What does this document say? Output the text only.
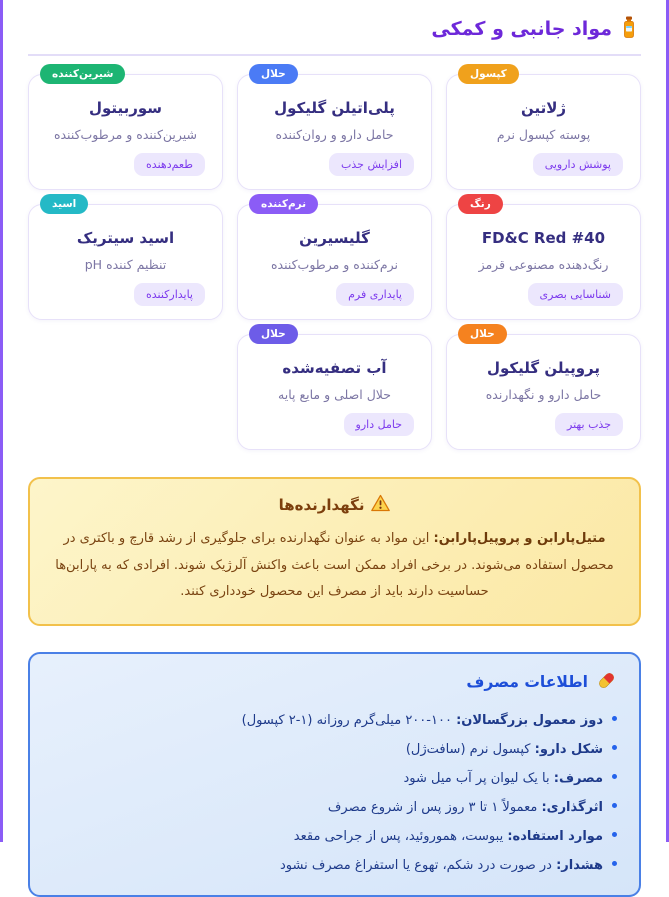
مواد جانبی و کمکی
کپسول
ژلاتین
پوسته کپسول نرم
پوشش دارویی
حلال
پلی‌اتیلن گلیکول
حامل دارو و روان‌کننده
افزایش جذب
شیرین‌کننده
سوربیتول
شیرین‌کننده و مرطوب‌کننده
طعم‌دهنده
رنگ
FD&C Red #40
رنگ‌دهنده مصنوعی قرمز
شناسایی بصری
نرم‌کننده
گلیسیرین
نرم‌کننده و مرطوب‌کننده
پایداری فرم
اسید
اسید سیتریک
تنظیم کننده pH
پایدارکننده
حلال
پروپیلن گلیکول
حامل دارو و نگهدارنده
جذب بهتر
حلال
آب تصفیه‌شده
حلال اصلی و مایع پایه
حامل دارو
نگهدارنده‌ها
متیل‌پارابن و پروپیل‌پارابن: این مواد به عنوان نگهدارنده برای جلوگیری از رشد قارچ و باکتری در محصول استفاده می‌شوند. در برخی افراد ممکن است باعث واکنش آلرژیک شوند. افرادی که به پارابن‌ها حساسیت دارند باید از مصرف این محصول خودداری کنند.
اطلاعات مصرف
دوز معمول بزرگسالان: ۱۰۰-۲۰۰ میلی‌گرم روزانه (۱-۲ کپسول)
شکل دارو: کپسول نرم (سافت‌ژل)
مصرف: با یک لیوان پر آب میل شود
اثرگذاری: معمولاً ۱ تا ۳ روز پس از شروع مصرف
موارد استفاده: یبوست، هموروئید، پس از جراحی مقعد
هشدار: در صورت درد شکم، تهوع یا استفراغ مصرف نشود
